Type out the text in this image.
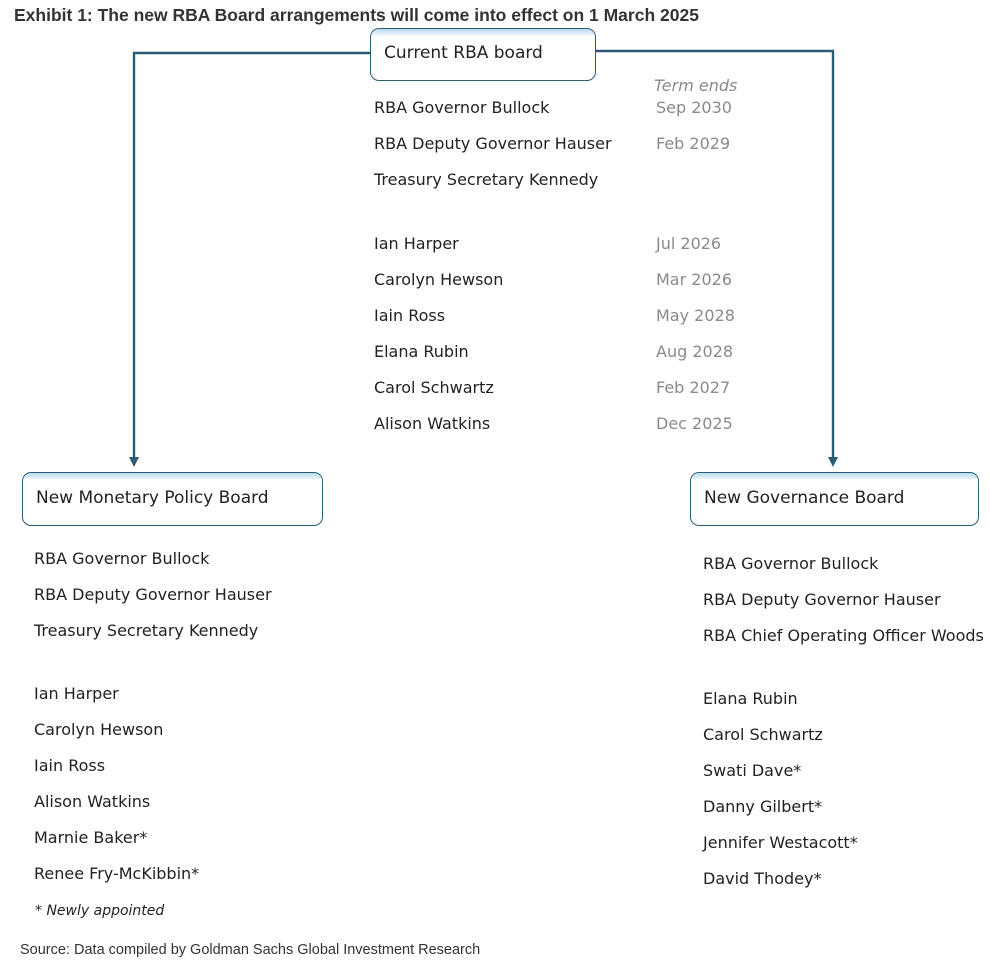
Exhibit 1: The new RBA Board arrangements will come into effect on 1 March 2025
Current RBA board
Term ends
RBA Governor Bullock
RBA Deputy Governor Hauser
Treasury Secretary Kennedy
Ian Harper
Carolyn Hewson
Iain Ross
Elana Rubin
Carol Schwartz
Alison Watkins
Sep 2030
Feb 2029
Jul 2026
Mar 2026
May 2028
Aug 2028
Feb 2027
Dec 2025
New Monetary Policy Board
RBA Governor Bullock
RBA Deputy Governor Hauser
Treasury Secretary Kennedy
Ian Harper
Carolyn Hewson
Iain Ross
Alison Watkins
Marnie Baker*
Renee Fry-McKibbin*
New Governance Board
RBA Governor Bullock
RBA Deputy Governor Hauser
RBA Chief Operating Officer Woods
Elana Rubin
Carol Schwartz
Swati Dave*
Danny Gilbert*
Jennifer Westacott*
David Thodey*
* Newly appointed
Source: Data compiled by Goldman Sachs Global Investment Research
